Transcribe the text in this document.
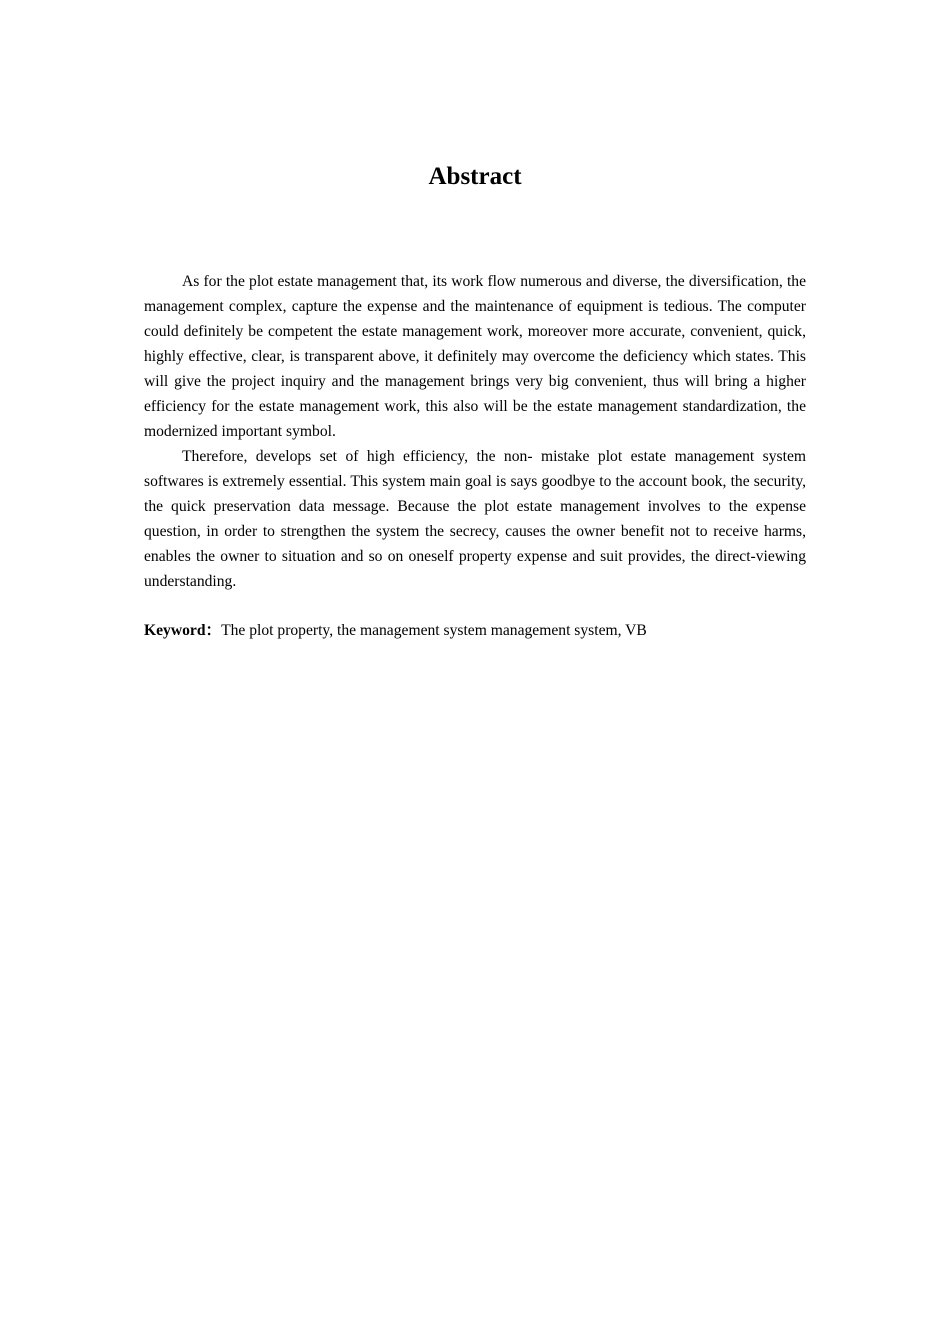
Abstract

As for the plot estate management that, its work flow numerous and diverse, the diversification, the management complex, capture the expense and the maintenance of equipment is tedious. The computer could definitely be competent the estate management work, moreover more accurate, convenient, quick, highly effective, clear, is transparent above, it definitely may overcome the deficiency which states. This will give the project inquiry and the management brings very big convenient, thus will bring a higher efficiency for the estate management work, this also will be the estate management standardization, the modernized important symbol.

Therefore, develops set of high efficiency, the non- mistake plot estate management system softwares is extremely essential. This system main goal is says goodbye to the account book, the security, the quick preservation data message. Because the plot estate management involves to the expense question, in order to strengthen the system the secrecy, causes the owner benefit not to receive harms, enables the owner to situation and so on oneself property expense and suit provides, the direct-viewing understanding.

Keyword：The plot property, the management system management system, VB
